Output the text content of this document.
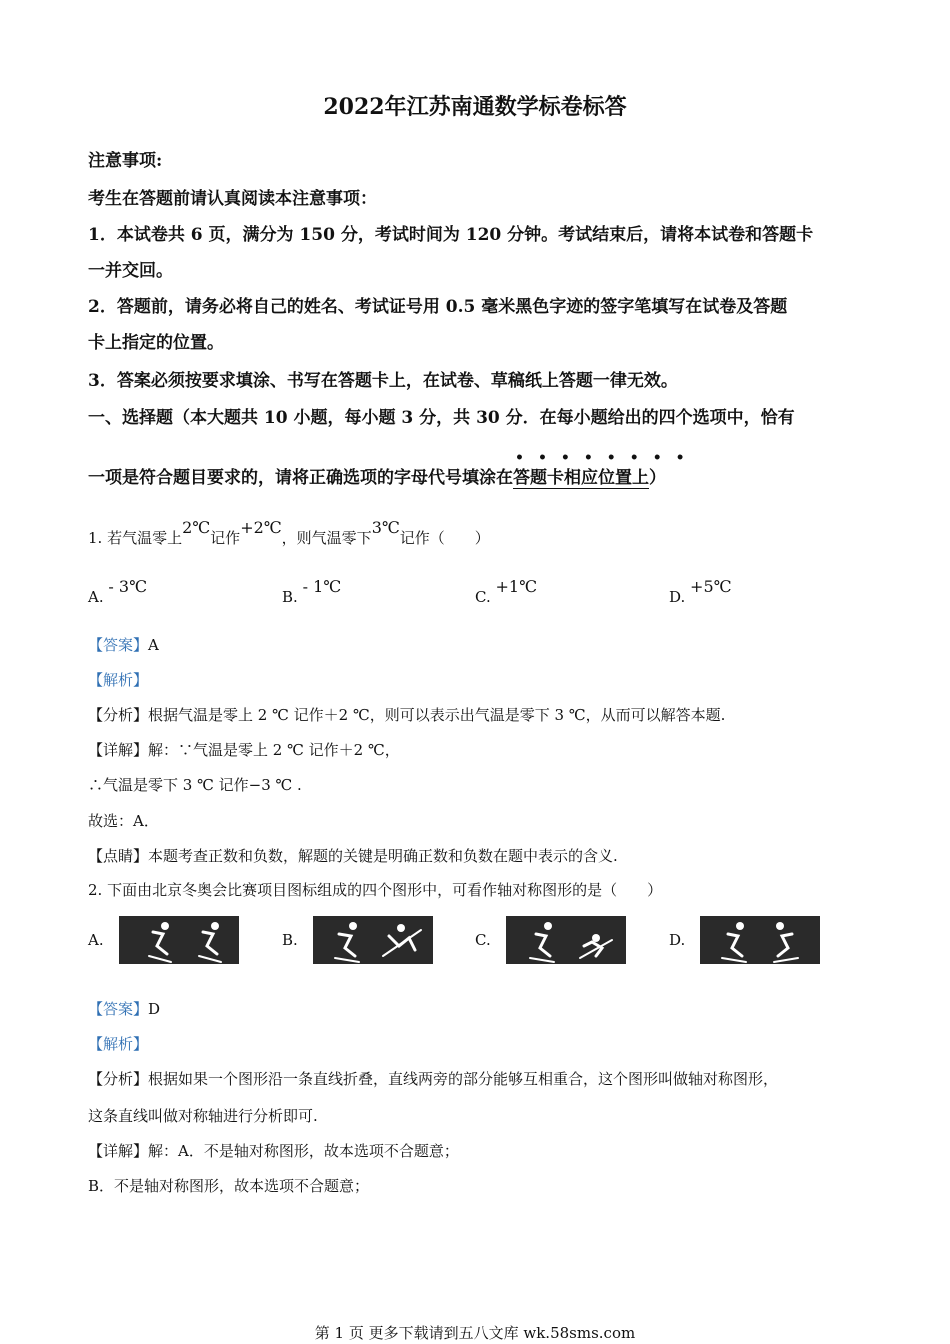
2022年江苏南通数学标卷标答
注意事项:
考生在答题前请认真阅读本注意事项：
1．本试卷共 6 页，满分为 150 分，考试时间为 120 分钟。考试结束后，请将本试卷和答题卡
一并交回。
2．答题前，请务必将自己的姓名、考试证号用 0.5 毫米黑色字迹的签字笔填写在试卷及答题
卡上指定的位置。
3．答案必须按要求填涂、书写在答题卡上，在试卷、草稿纸上答题一律无效。
一、选择题（本大题共 10 小题，每小题 3 分，共 30 分．在每小题给出的四个选项中，恰有
一项是符合题目要求的，请将正确选项的字母代号填涂在
••••••••
答题卡相应位置上）
1. 若气温零上2℃记作+2℃，则气温零下3℃记作（　　）
A. - 3℃
B. - 1℃
C. +1℃
D. +5℃
【答案】A
【解析】
【分析】根据气温是零上 2 ℃ 记作＋2 ℃，则可以表示出气温是零下 3 ℃，从而可以解答本题.
【详解】解：∵气温是零上 2 ℃ 记作＋2 ℃，
∴气温是零下 3 ℃ 记作−3 ℃ .
故选：A．
【点睛】本题考查正数和负数，解题的关键是明确正数和负数在题中表示的含义.
2. 下面由北京冬奥会比赛项目图标组成的四个图形中，可看作轴对称图形的是（　　）
A.	B.	C.	D.
【答案】D
【解析】
【分析】根据如果一个图形沿一条直线折叠，直线两旁的部分能够互相重合，这个图形叫做轴对称图形，
这条直线叫做对称轴进行分析即可.
【详解】解：A．不是轴对称图形，故本选项不合题意；
B．不是轴对称图形，故本选项不合题意；
第 1 页 更多下载请到五八文库 wk.58sms.com
